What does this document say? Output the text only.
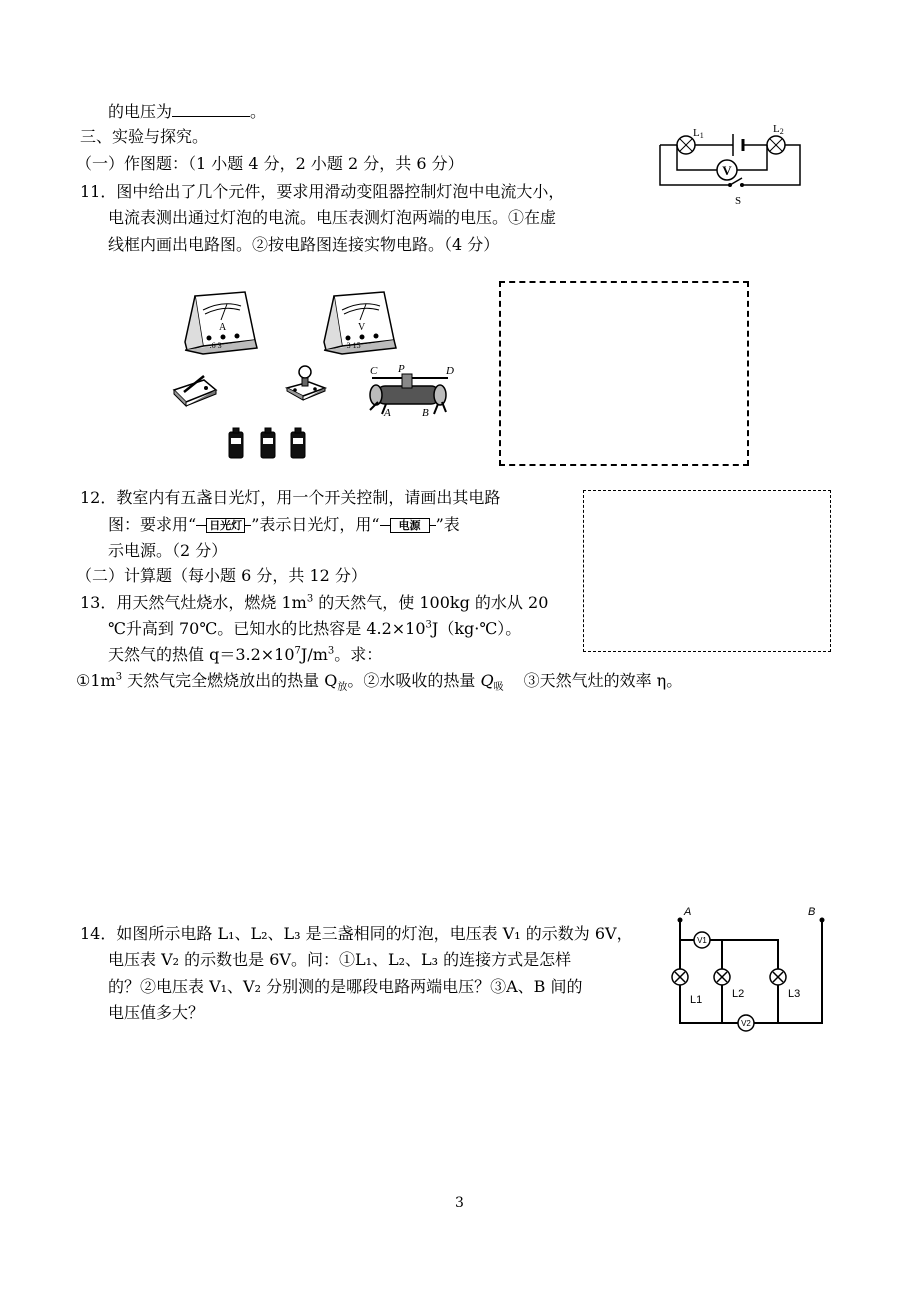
的电压为	。
三、实验与探究。
（一）作图题：（1 小题 4 分，2 小题 2 分，共 6 分）
11．图中给出了几个元件，要求用滑动变阻器控制灯泡中电流大小，
电流表测出通过灯泡的电流。电压表测灯泡两端的电压。①在虚
线框内画出电路图。②按电路图连接实物电路。（4 分）
V
L1
L2
S
A
- .6 3
V
- 3 15
C P	D
A	B
12．教室内有五盏日光灯，用一个开关控制，请画出其电路
图：要求用“ 日光灯 ”表示日光灯，用“ 电源 ”表
示电源。（2 分）
（二）计算题（每小题 6 分，共 12 分）
13．用天然气灶烧水，燃烧 $1m^3$ 的天然气，使 100kg 的水从 20
℃升高到 70℃。已知水的比热容是 $4.2\times 10^3J(kg\cdot℃)$。
天然气的热值 $q=3.2\times 10^7J/m^3$。求：
$①1m^3$ 天然气完全燃烧放出的热量 $Q_放$。②水吸收的热量 $Q_吸$ ③天然气灶的效率 η。
14．如图所示电路 L₁、L₂、L₃ 是三盏相同的灯泡，电压表 V₁ 的示数为 6V，
电压表 V₂ 的示数也是 6V。问：①L₁、L₂、L₃ 的连接方式是怎样
的？②电压表 V₁、V₂ 分别测的是哪段电路两端电压？③A、B 间的
电压值多大？
A	B
V1
V2
L1	L2	L3
3
